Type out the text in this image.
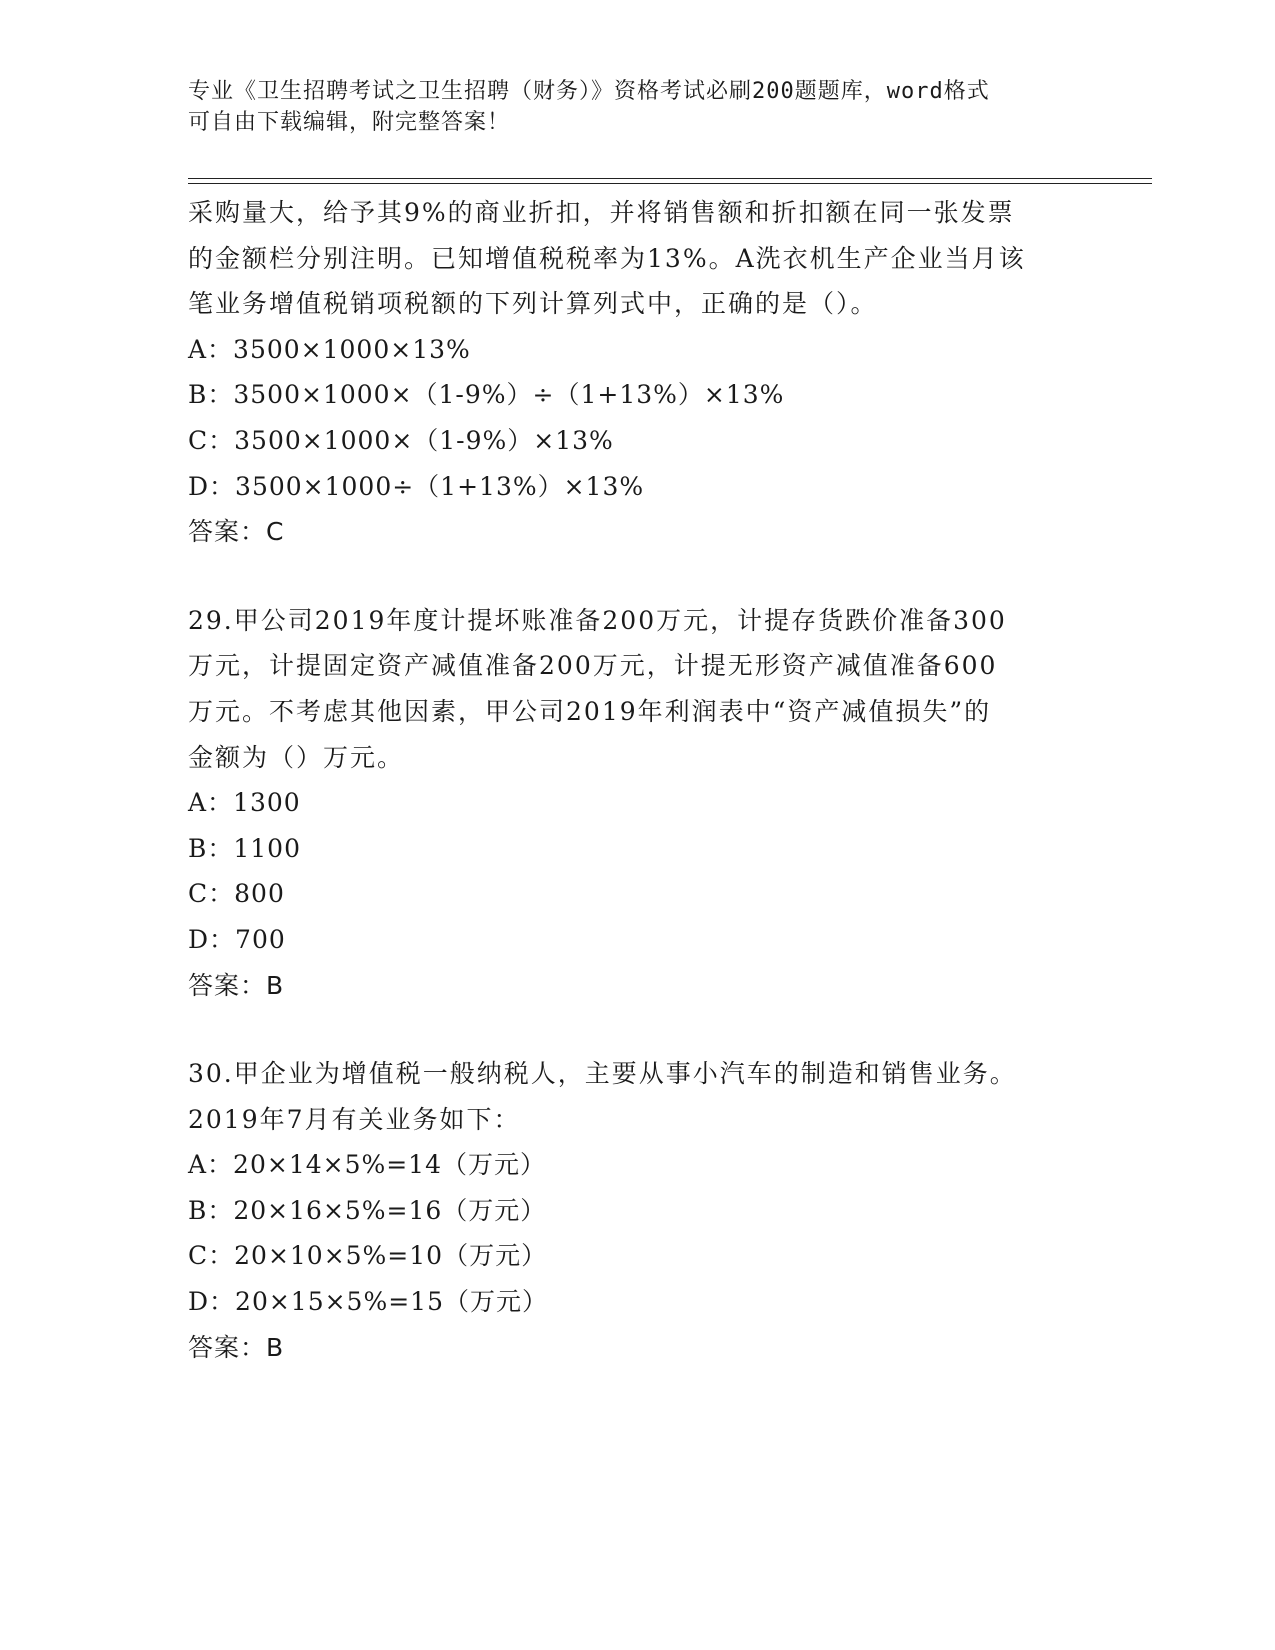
专业《卫生招聘考试之卫生招聘（财务）》资格考试必刷200题题库，word格式
可自由下载编辑，附完整答案！
采购量大，给予其9%的商业折扣，并将销售额和折扣额在同一张发票
的金额栏分别注明。已知增值税税率为13%。A洗衣机生产企业当月该
笔业务增值税销项税额的下列计算列式中，正确的是（）。
A：3500×1000×13%
B：3500×1000×（1-9%）÷（1+13%）×13%
C：3500×1000×（1-9%）×13%
D：3500×1000÷（1+13%）×13%
答案：C
29.甲公司2019年度计提坏账准备200万元，计提存货跌价准备300
万元，计提固定资产减值准备200万元，计提无形资产减值准备600
万元。不考虑其他因素，甲公司2019年利润表中“资产减值损失”的
金额为（）万元。
A：1300
B：1100
C：800
D：700
答案：B
30.甲企业为增值税一般纳税人，主要从事小汽车的制造和销售业务。
2019年7月有关业务如下：
A：20×14×5%=14（万元）
B：20×16×5%=16（万元）
C：20×10×5%=10（万元）
D：20×15×5%=15（万元）
答案：B
